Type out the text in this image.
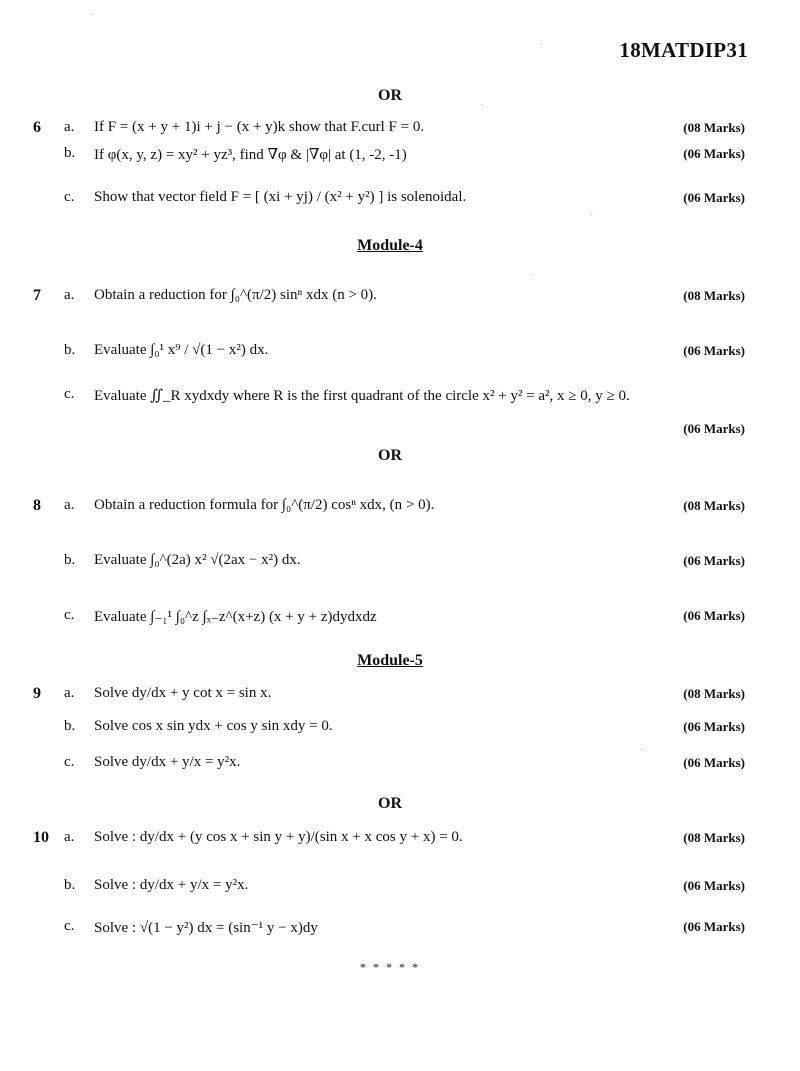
18MATDIP31
OR
6 a. If F = (x + y + 1)i + j − (x + y)k show that F.curl F = 0.	(08 Marks)
b. If φ(x, y, z) = xy² + yz³, find ∇φ & |∇φ| at (1, -2, -1)	(06 Marks)
c. Show that vector field F = [ (xi + yj) / (x² + y²) ] is solenoidal.	(06 Marks)
Module-4
7 a. Obtain a reduction for ∫₀^(π/2) sinⁿ xdx (n > 0).	(08 Marks)
b. Evaluate ∫₀¹ x⁹ / √(1 − x²) dx.	(06 Marks)
c. Evaluate ∬_R xydxdy where R is the first quadrant of the circle x² + y² = a², x ≥ 0, y ≥ 0.
(06 Marks)
OR
8 a. Obtain a reduction formula for ∫₀^(π/2) cosⁿ xdx, (n > 0).	(08 Marks)
b. Evaluate ∫₀^(2a) x² √(2ax − x²) dx.	(06 Marks)
c. Evaluate ∫₋₁¹ ∫₀^z ∫ₓ₋z^(x+z) (x + y + z)dydxdz	(06 Marks)
Module-5
9 a. Solve dy/dx + y cot x = sin x.	(08 Marks)
b. Solve cos x sin ydx + cos y sin xdy = 0.	(06 Marks)
c. Solve dy/dx + y/x = y²x.	(06 Marks)
OR
10 a. Solve : dy/dx + (y cos x + sin y + y)/(sin x + x cos y + x) = 0.	(08 Marks)
b. Solve : dy/dx + y/x = y²x.	(06 Marks)
c. Solve : √(1 − y²) dx = (sin⁻¹ y − x)dy	(06 Marks)
* * * * *
·
·
·
·
·
·
